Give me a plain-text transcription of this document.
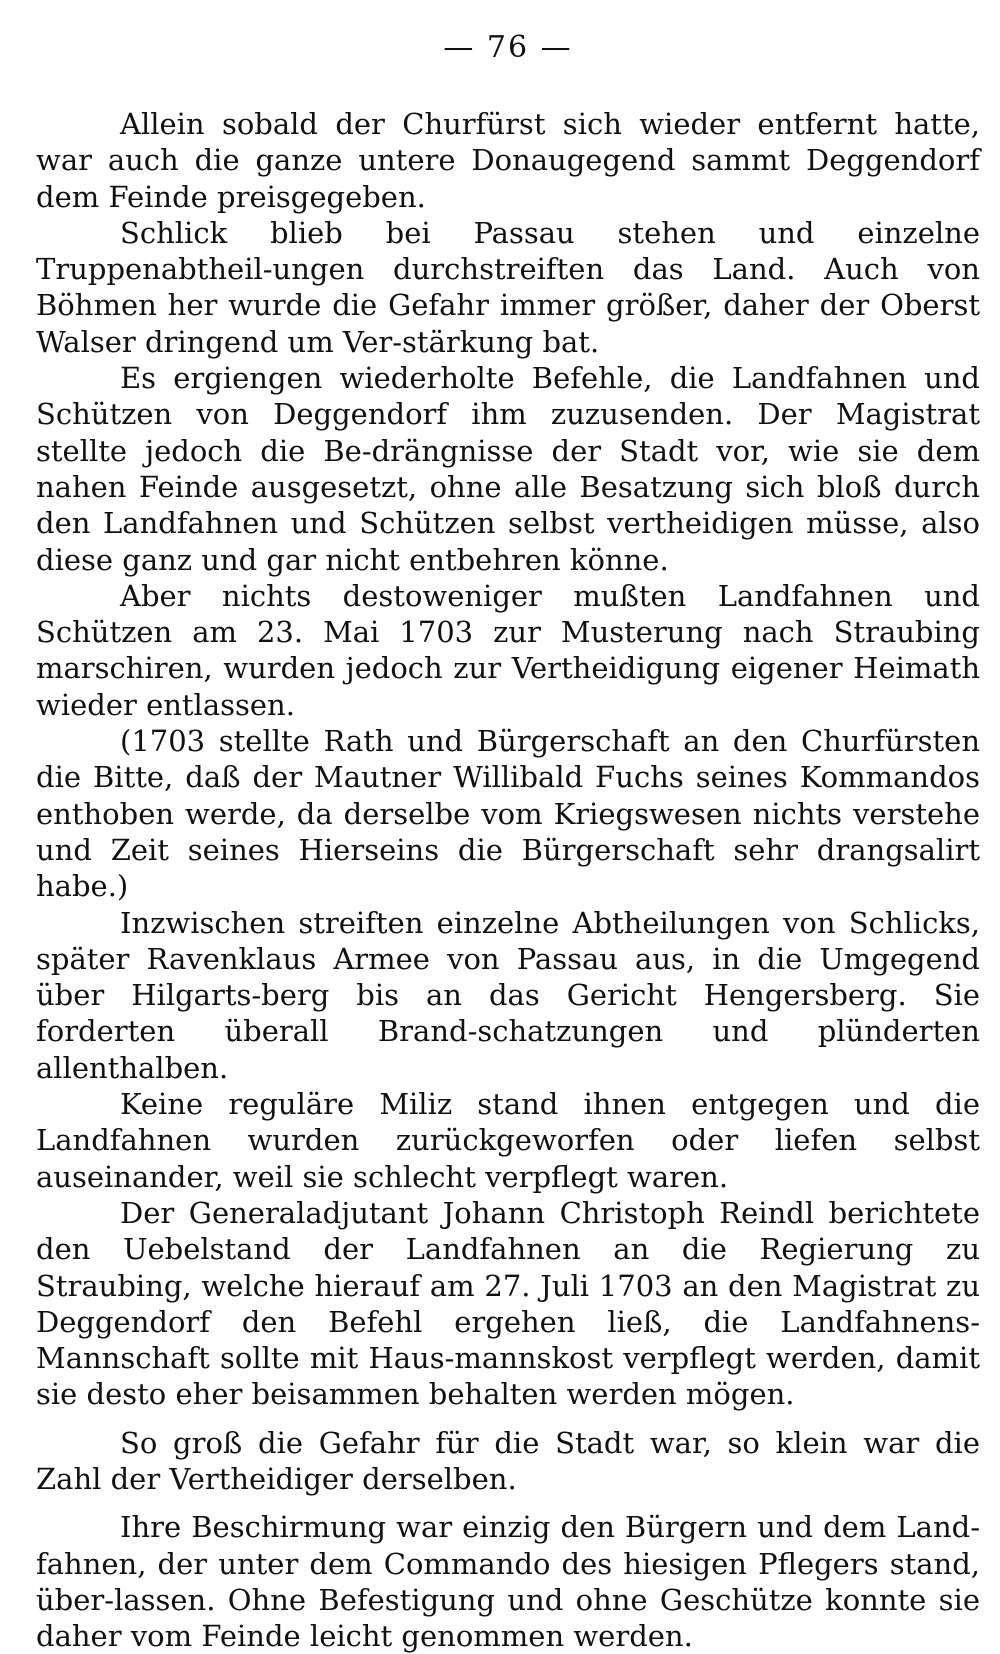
— 76 —

Allein sobald der Churfürst sich wieder entfernt hatte, war auch die ganze untere Donaugegend sammt Deggendorf dem Feinde preisgegeben.

Schlick blieb bei Passau stehen und einzelne Truppenabtheil-ungen durchstreiften das Land. Auch von Böhmen her wurde die Gefahr immer größer, daher der Oberst Walser dringend um Ver-stärkung bat.

Es ergiengen wiederholte Befehle, die Landfahnen und Schützen von Deggendorf ihm zuzusenden. Der Magistrat stellte jedoch die Be-drängnisse der Stadt vor, wie sie dem nahen Feinde ausgesetzt, ohne alle Besatzung sich bloß durch den Landfahnen und Schützen selbst vertheidigen müsse, also diese ganz und gar nicht entbehren könne.

Aber nichts destoweniger mußten Landfahnen und Schützen am 23. Mai 1703 zur Musterung nach Straubing marschiren, wurden jedoch zur Vertheidigung eigener Heimath wieder entlassen.

(1703 stellte Rath und Bürgerschaft an den Churfürsten die Bitte, daß der Mautner Willibald Fuchs seines Kommandos enthoben werde, da derselbe vom Kriegswesen nichts verstehe und Zeit seines Hierseins die Bürgerschaft sehr drangsalirt habe.)

Inzwischen streiften einzelne Abtheilungen von Schlicks, später Ravenklaus Armee von Passau aus, in die Umgegend über Hilgarts-berg bis an das Gericht Hengersberg. Sie forderten überall Brand-schatzungen und plünderten allenthalben.

Keine reguläre Miliz stand ihnen entgegen und die Landfahnen wurden zurückgeworfen oder liefen selbst auseinander, weil sie schlecht verpflegt waren.

Der Generaladjutant Johann Christoph Reindl berichtete den Uebelstand der Landfahnen an die Regierung zu Straubing, welche hierauf am 27. Juli 1703 an den Magistrat zu Deggendorf den Befehl ergehen ließ, die Landfahnens-Mannschaft sollte mit Haus-mannskost verpflegt werden, damit sie desto eher beisammen behalten werden mögen.

So groß die Gefahr für die Stadt war, so klein war die Zahl der Vertheidiger derselben.

Ihre Beschirmung war einzig den Bürgern und dem Land-fahnen, der unter dem Commando des hiesigen Pflegers stand, über-lassen. Ohne Befestigung und ohne Geschütze konnte sie daher vom Feinde leicht genommen werden.
